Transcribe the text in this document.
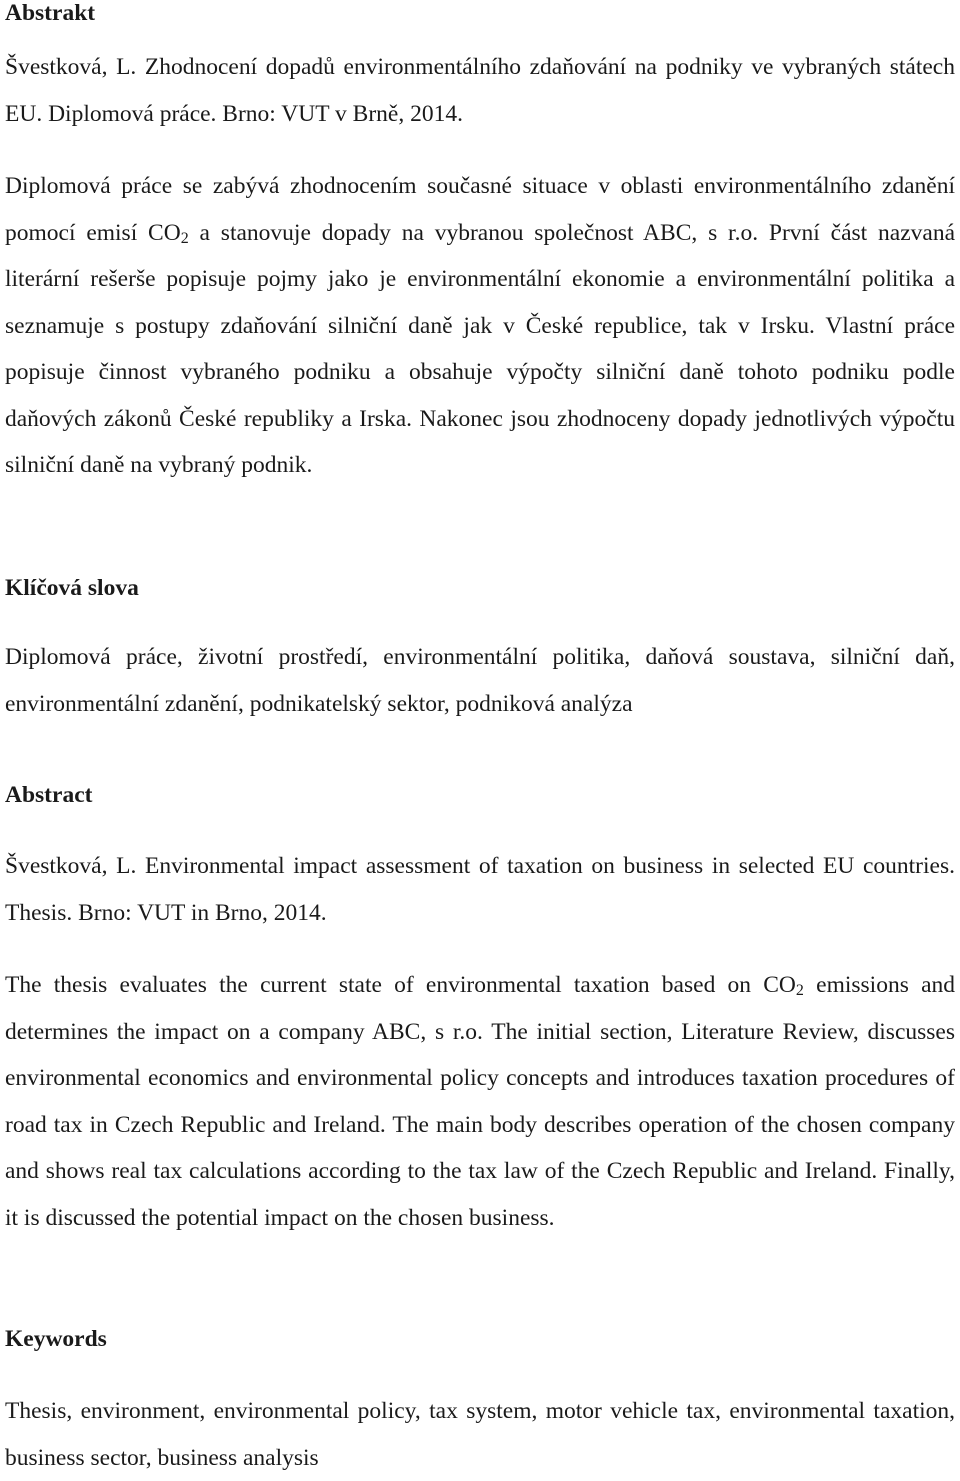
Abstrakt

Švestková, L. Zhodnocení dopadů environmentálního zdaňování na podniky ve vybraných státech EU. Diplomová práce. Brno: VUT v Brně, 2014.

Diplomová práce se zabývá zhodnocením současné situace v oblasti environmentálního zdanění pomocí emisí $CO_2$ a stanovuje dopady na vybranou společnost ABC, s r.o. První část nazvaná literární rešerše popisuje pojmy jako je environmentální ekonomie a environmentální politika a seznamuje s postupy zdaňování silniční daně jak v České republice, tak v Irsku. Vlastní práce popisuje činnost vybraného podniku a obsahuje výpočty silniční daně tohoto podniku podle daňových zákonů České republiky a Irska. Nakonec jsou zhodnoceny dopady jednotlivých výpočtu silniční daně na vybraný podnik.

Klíčová slova

Diplomová práce, životní prostředí, environmentální politika, daňová soustava, silniční daň, environmentální zdanění, podnikatelský sektor, podniková analýza

Abstract

Švestková, L. Environmental impact assessment of taxation on business in selected EU countries. Thesis. Brno: VUT in Brno, 2014.

The thesis evaluates the current state of environmental taxation based on $CO_2$ emissions and determines the impact on a company ABC, s r.o. The initial section, Literature Review, discusses environmental economics and environmental policy concepts and introduces taxation procedures of road tax in Czech Republic and Ireland. The main body describes operation of the chosen company and shows real tax calculations according to the tax law of the Czech Republic and Ireland. Finally, it is discussed the potential impact on the chosen business.

Keywords

Thesis, environment, environmental policy, tax system, motor vehicle tax, environmental taxation, business sector, business analysis
